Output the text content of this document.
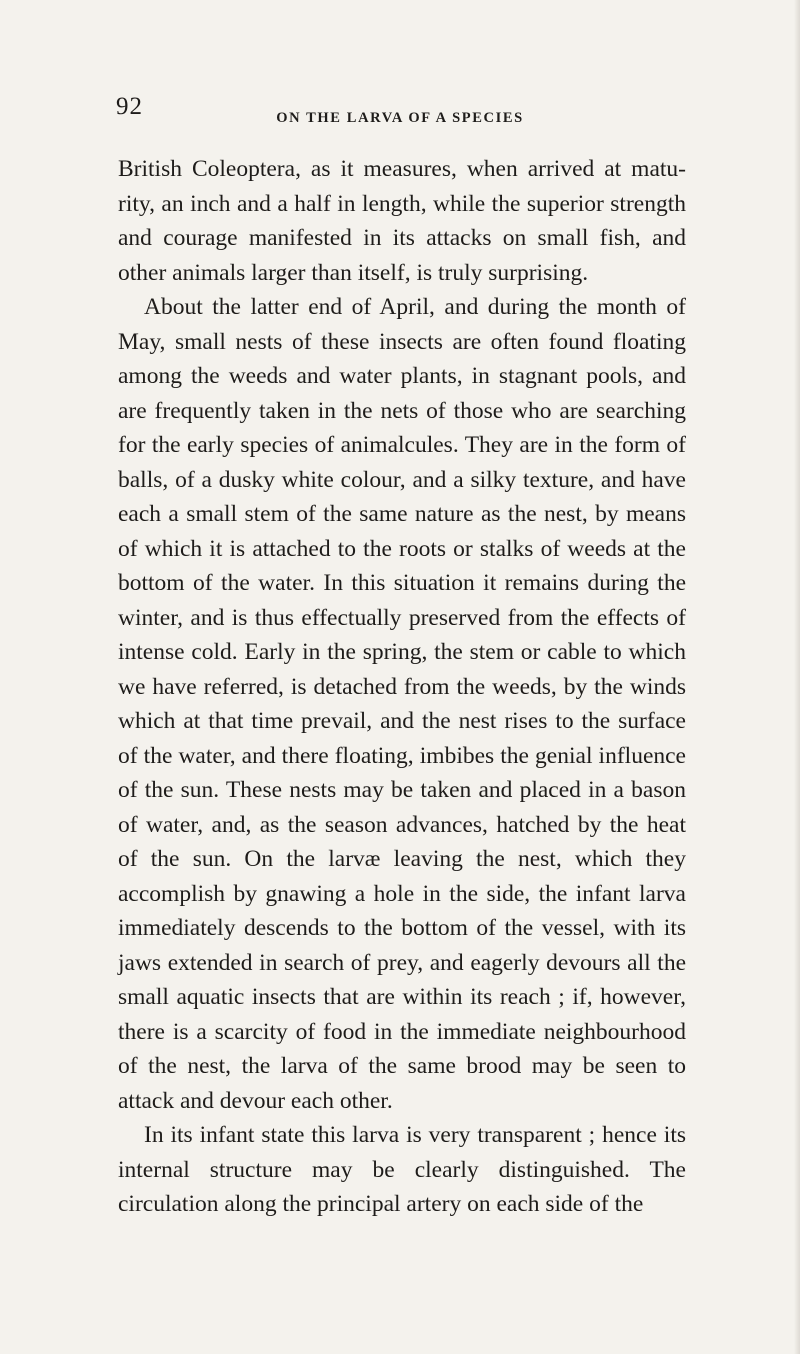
92	ON THE LARVA OF A SPECIES

British Coleoptera, as it measures, when arrived at matu- rity, an inch and a half in length, while the superior strength and courage manifested in its attacks on small fish, and other animals larger than itself, is truly surprising.

About the latter end of April, and during the month of May, small nests of these insects are often found floating among the weeds and water plants, in stagnant pools, and are frequently taken in the nets of those who are searching for the early species of animalcules. They are in the form of balls, of a dusky white colour, and a silky texture, and have each a small stem of the same nature as the nest, by means of which it is attached to the roots or stalks of weeds at the bottom of the water. In this situation it remains during the winter, and is thus effectually preserved from the effects of intense cold. Early in the spring, the stem or cable to which we have referred, is detached from the weeds, by the winds which at that time prevail, and the nest rises to the surface of the water, and there floating, imbibes the genial influence of the sun. These nests may be taken and placed in a bason of water, and, as the season advances, hatched by the heat of the sun. On the larvæ leaving the nest, which they accomplish by gnawing a hole in the side, the infant larva immediately descends to the bottom of the vessel, with its jaws extended in search of prey, and eagerly devours all the small aquatic insects that are within its reach ; if, however, there is a scarcity of food in the immediate neighbourhood of the nest, the larva of the same brood may be seen to attack and devour each other.

In its infant state this larva is very transparent ; hence its internal structure may be clearly distinguished. The circulation along the principal artery on each side of the
